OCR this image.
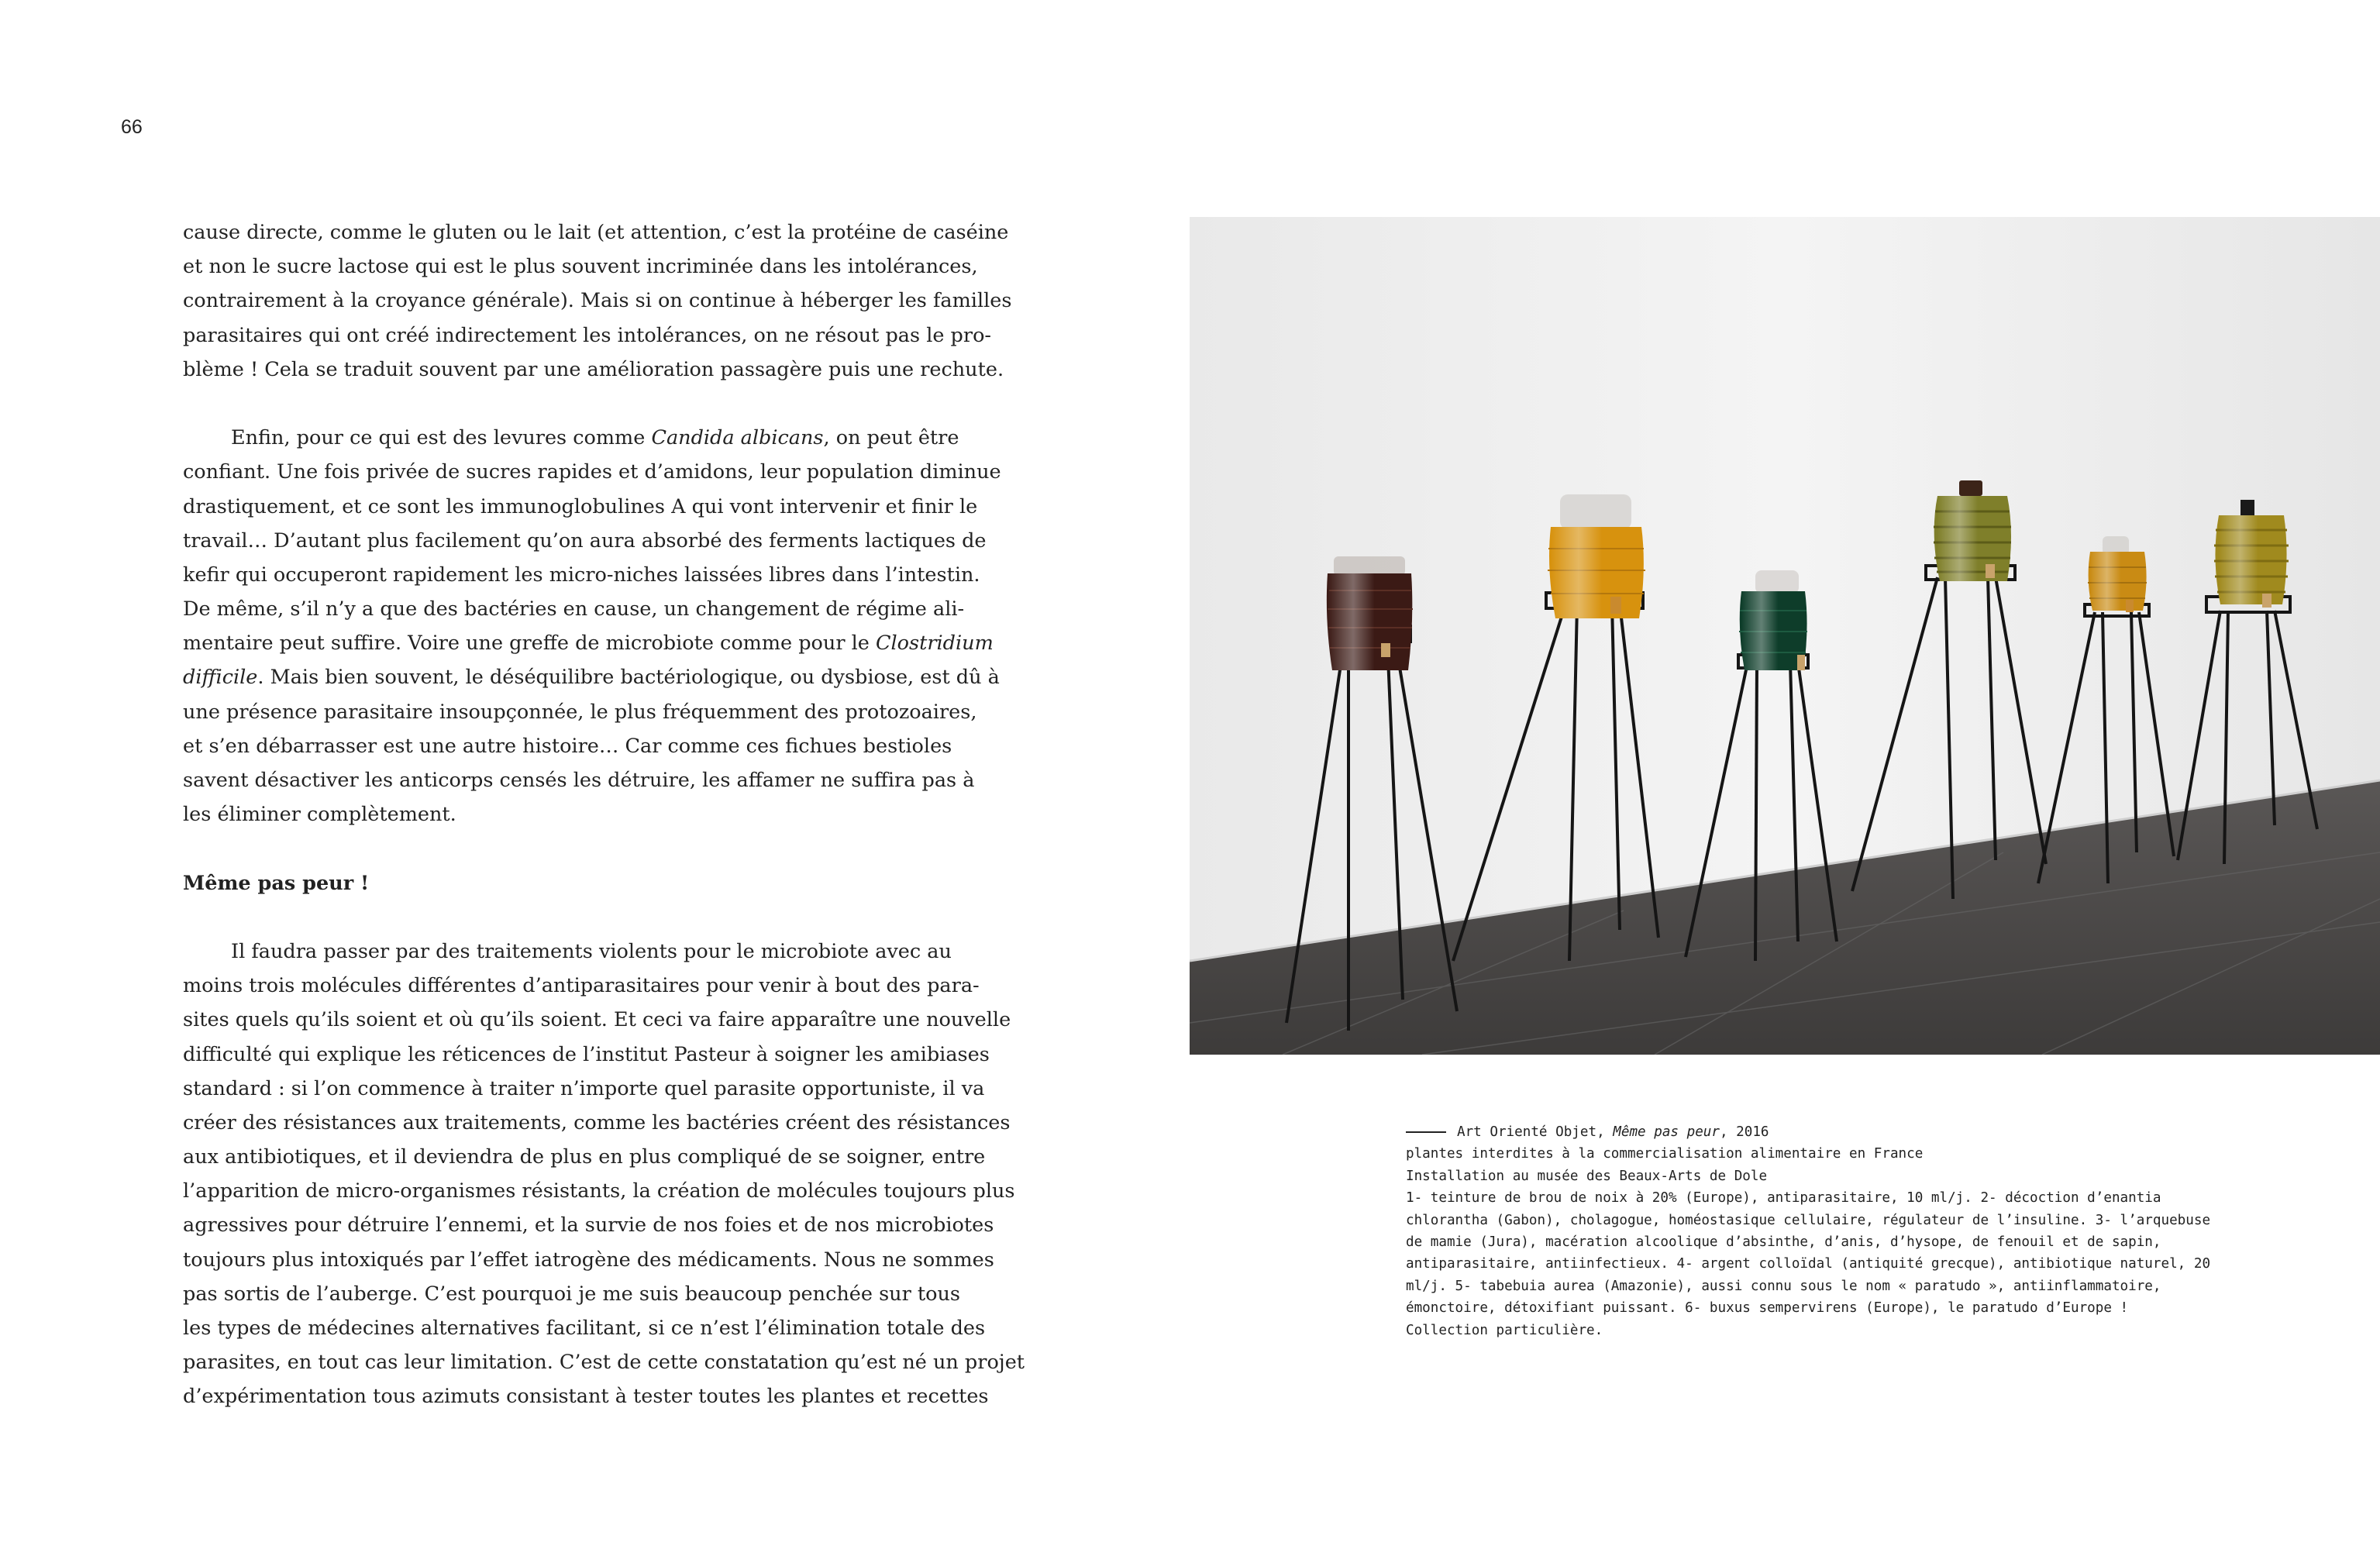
66
cause directe, comme le gluten ou le lait (et attention, c’est la protéine de caséine
et non le sucre lactose qui est le plus souvent incriminée dans les intolérances,
contrairement à la croyance générale). Mais si on continue à héberger les familles
parasitaires qui ont créé indirectement les intolérances, on ne résout pas le pro-
blème ! Cela se traduit souvent par une amélioration passagère puis une rechute.
Enfin, pour ce qui est des levures comme Candida albicans, on peut être
confiant. Une fois privée de sucres rapides et d’amidons, leur population diminue
drastiquement, et ce sont les immunoglobulines A qui vont intervenir et finir le
travail… D’autant plus facilement qu’on aura absorbé des ferments lactiques de
kefir qui occuperont rapidement les micro-niches laissées libres dans l’intestin.
De même, s’il n’y a que des bactéries en cause, un changement de régime ali-
mentaire peut suffire. Voire une greffe de microbiote comme pour le Clostridium
difficile. Mais bien souvent, le déséquilibre bactériologique, ou dysbiose, est dû à
une présence parasitaire insoupçonnée, le plus fréquemment des protozoaires,
et s’en débarrasser est une autre histoire… Car comme ces fichues bestioles
savent désactiver les anticorps censés les détruire, les affamer ne suffira pas à
les éliminer complètement.
Même pas peur !
Il faudra passer par des traitements violents pour le microbiote avec au
moins trois molécules différentes d’antiparasitaires pour venir à bout des para-
sites quels qu’ils soient et où qu’ils soient. Et ceci va faire apparaître une nouvelle
difficulté qui explique les réticences de l’institut Pasteur à soigner les amibiases
standard : si l’on commence à traiter n’importe quel parasite opportuniste, il va
créer des résistances aux traitements, comme les bactéries créent des résistances
aux antibiotiques, et il deviendra de plus en plus compliqué de se soigner, entre
l’apparition de micro-organismes résistants, la création de molécules toujours plus
agressives pour détruire l’ennemi, et la survie de nos foies et de nos microbiotes
toujours plus intoxiqués par l’effet iatrogène des médicaments. Nous ne sommes
pas sortis de l’auberge. C’est pourquoi je me suis beaucoup penchée sur tous
les types de médecines alternatives facilitant, si ce n’est l’élimination totale des
parasites, en tout cas leur limitation. C’est de cette constatation qu’est né un projet
d’expérimentation tous azimuts consistant à tester toutes les plantes et recettes
Art Orienté Objet, Même pas peur, 2016
plantes interdites à la commercialisation alimentaire en France
Installation au musée des Beaux-Arts de Dole
1- teinture de brou de noix à 20% (Europe), antiparasitaire, 10 ml/j. 2- décoction d’enantia
chlorantha (Gabon), cholagogue, homéostasique cellulaire, régulateur de l’insuline. 3- l’arquebuse
de mamie (Jura), macération alcoolique d’absinthe, d’anis, d’hysope, de fenouil et de sapin,
antiparasitaire, antiinfectieux. 4- argent colloïdal (antiquité grecque), antibiotique naturel, 20
ml/j. 5- tabebuia aurea (Amazonie), aussi connu sous le nom « paratudo », antiinflammatoire,
émonctoire, détoxifiant puissant. 6- buxus sempervirens (Europe), le paratudo d’Europe !
Collection particulière.
